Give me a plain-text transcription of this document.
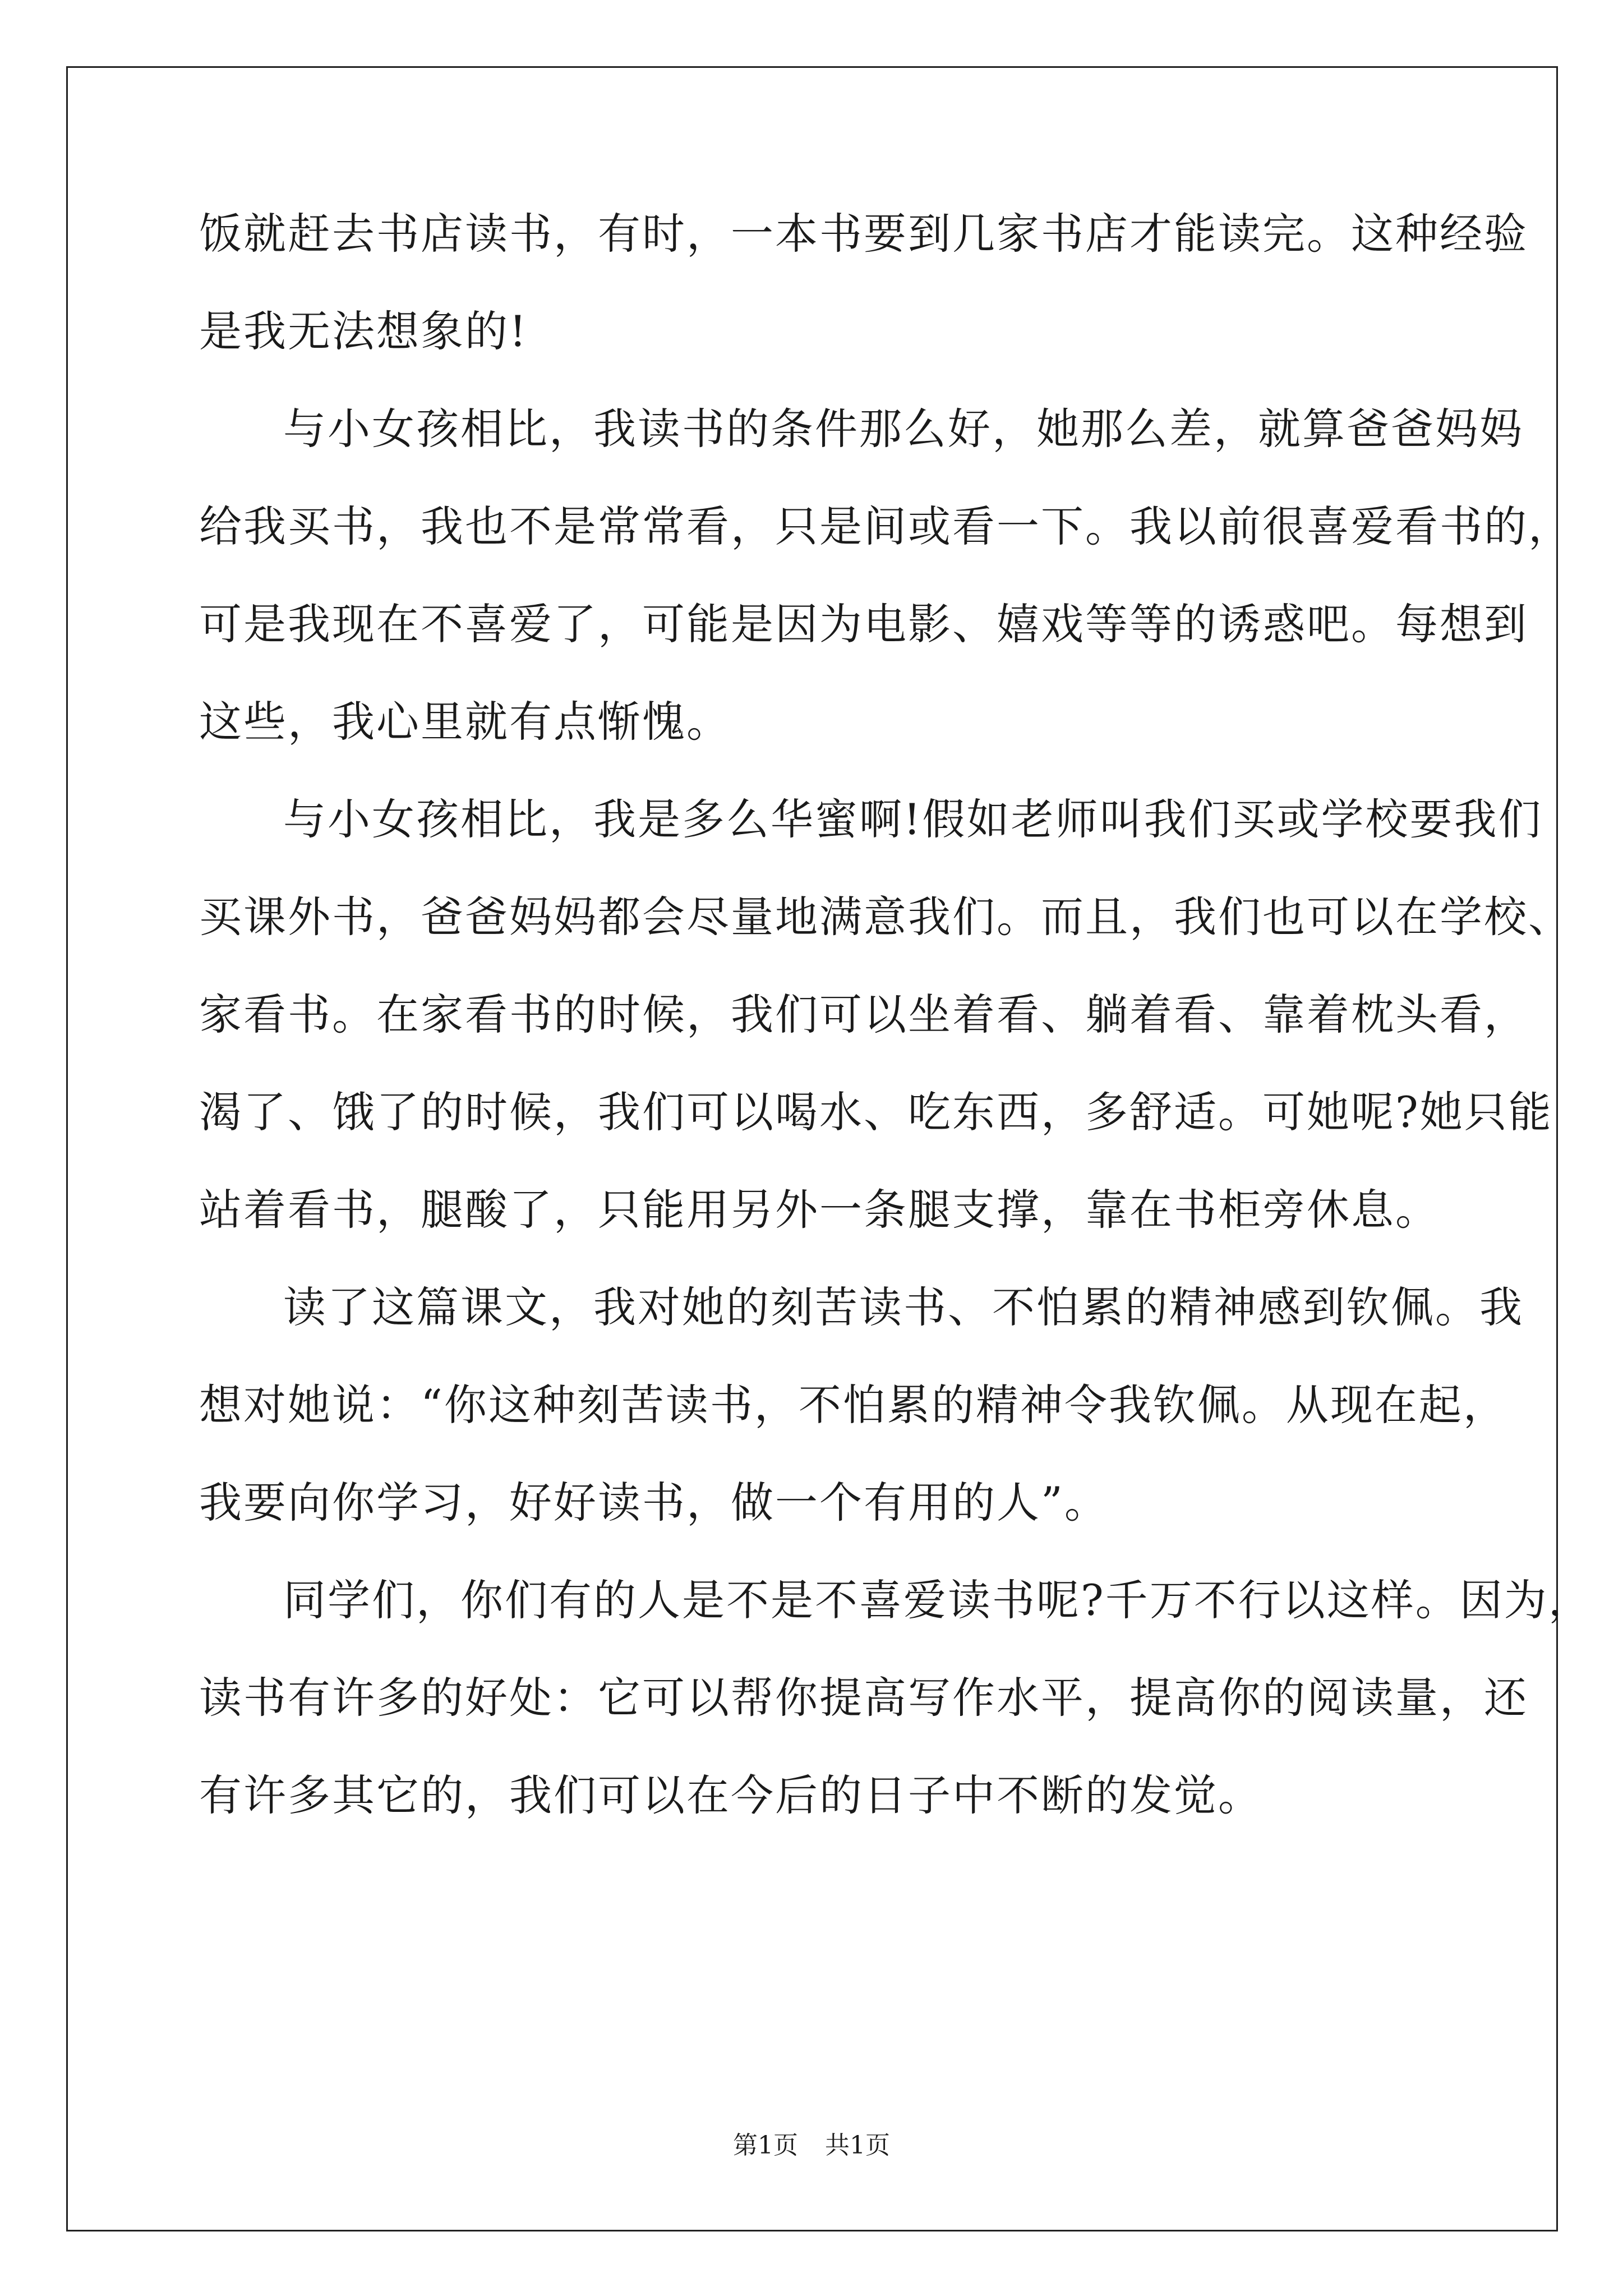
饭就赶去书店读书，有时，一本书要到几家书店才能读完。这种经验
是我无法想象的!
与小女孩相比，我读书的条件那么好，她那么差，就算爸爸妈妈
给我买书，我也不是常常看，只是间或看一下。我以前很喜爱看书的，
可是我现在不喜爱了，可能是因为电影、嬉戏等等的诱惑吧。每想到
这些，我心里就有点惭愧。
与小女孩相比，我是多么华蜜啊!假如老师叫我们买或学校要我们
买课外书，爸爸妈妈都会尽量地满意我们。而且，我们也可以在学校、
家看书。在家看书的时候，我们可以坐着看、躺着看、靠着枕头看，
渴了、饿了的时候，我们可以喝水、吃东西，多舒适。可她呢?她只能
站着看书，腿酸了，只能用另外一条腿支撑，靠在书柜旁休息。
读了这篇课文，我对她的刻苦读书、不怕累的精神感到钦佩。我
想对她说：“你这种刻苦读书，不怕累的精神令我钦佩。从现在起，
我要向你学习，好好读书，做一个有用的人”。
同学们，你们有的人是不是不喜爱读书呢?千万不行以这样。因为，
读书有许多的好处：它可以帮你提高写作水平，提高你的阅读量，还
有许多其它的，我们可以在今后的日子中不断的发觉。
第1页 共1页
